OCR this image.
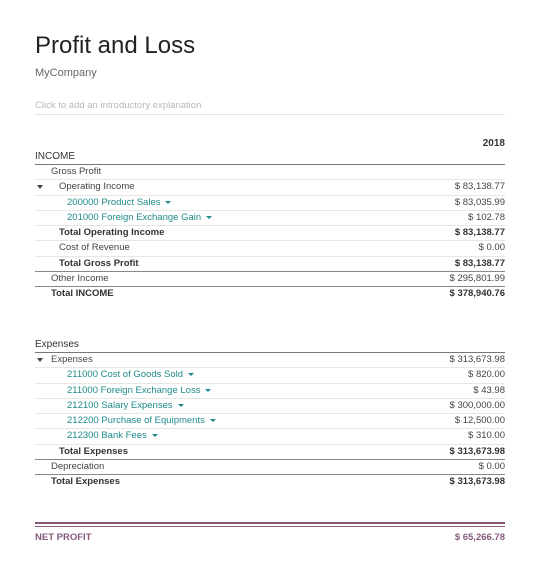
Profit and Loss
MyCompany
Click to add an introductory explanation
2018
INCOME
Gross Profit
Operating Income	$ 83,138.77
200000 Product Sales	$ 83,035.99
201000 Foreign Exchange Gain	$ 102.78
Total Operating Income	$ 83,138.77
Cost of Revenue	$ 0.00
Total Gross Profit	$ 83,138.77
Other Income	$ 295,801.99
Total INCOME	$ 378,940.76
Expenses
Expenses	$ 313,673.98
211000 Cost of Goods Sold	$ 820.00
211000 Foreign Exchange Loss	$ 43.98
212100 Salary Expenses	$ 300,000.00
212200 Purchase of Equipments	$ 12,500.00
212300 Bank Fees	$ 310.00
Total Expenses	$ 313,673.98
Depreciation	$ 0.00
Total Expenses	$ 313,673.98
NET PROFIT	$ 65,266.78
